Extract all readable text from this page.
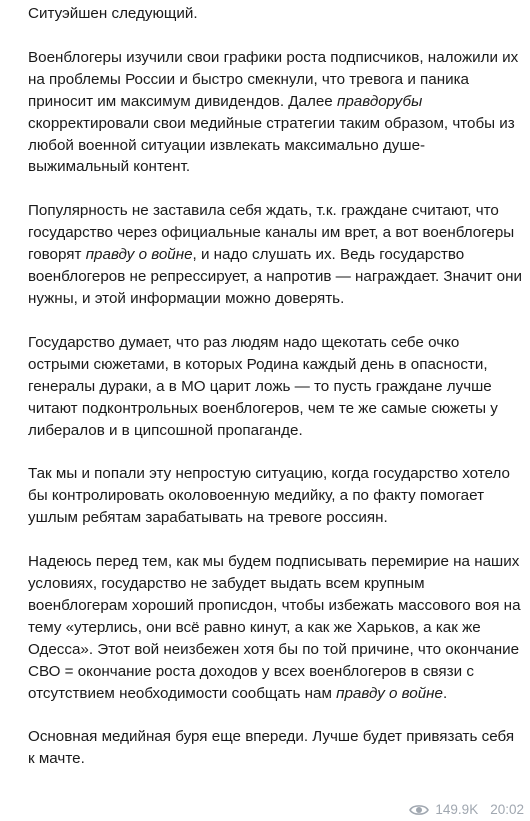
Ситуэйшен следующий.

Военблогеры изучили свои графики роста подписчиков, наложили их на проблемы России и быстро смекнули, что тревога и паника приносит им максимум дивидендов. Далее правдорубы скорректировали свои медийные стратегии таким образом, чтобы из любой военной ситуации извлекать максимально душе-выжимальный контент.

Популярность не заставила себя ждать, т.к. граждане считают, что государство через официальные каналы им врет, а вот военблогеры говорят правду о войне, и надо слушать их. Ведь государство военблогеров не репрессирует, а напротив — награждает. Значит они нужны, и этой информации можно доверять.

Государство думает, что раз людям надо щекотать себе очко острыми сюжетами, в которых Родина каждый день в опасности, генералы дураки, а в МО царит ложь — то пусть граждане лучше читают подконтрольных военблогеров, чем те же самые сюжеты у либералов и в ципсошной пропаганде.

Так мы и попали эту непростую ситуацию, когда государство хотело бы контролировать околовоенную медийку, а по факту помогает ушлым ребятам зарабатывать на тревоге россиян.

Надеюсь перед тем, как мы будем подписывать перемирие на наших условиях, государство не забудет выдать всем крупным военблогерам хороший прописдон, чтобы избежать массового воя на тему «утерлись, они всё равно кинут, а как же Харьков, а как же Одесса». Этот вой неизбежен хотя бы по той причине, что окончание СВО = окончание роста доходов у всех военблогеров в связи с отсутствием необходимости сообщать нам правду о войне.

Основная медийная буря еще впереди. Лучше будет привязать себя к мачте.

149.9K 20:02
